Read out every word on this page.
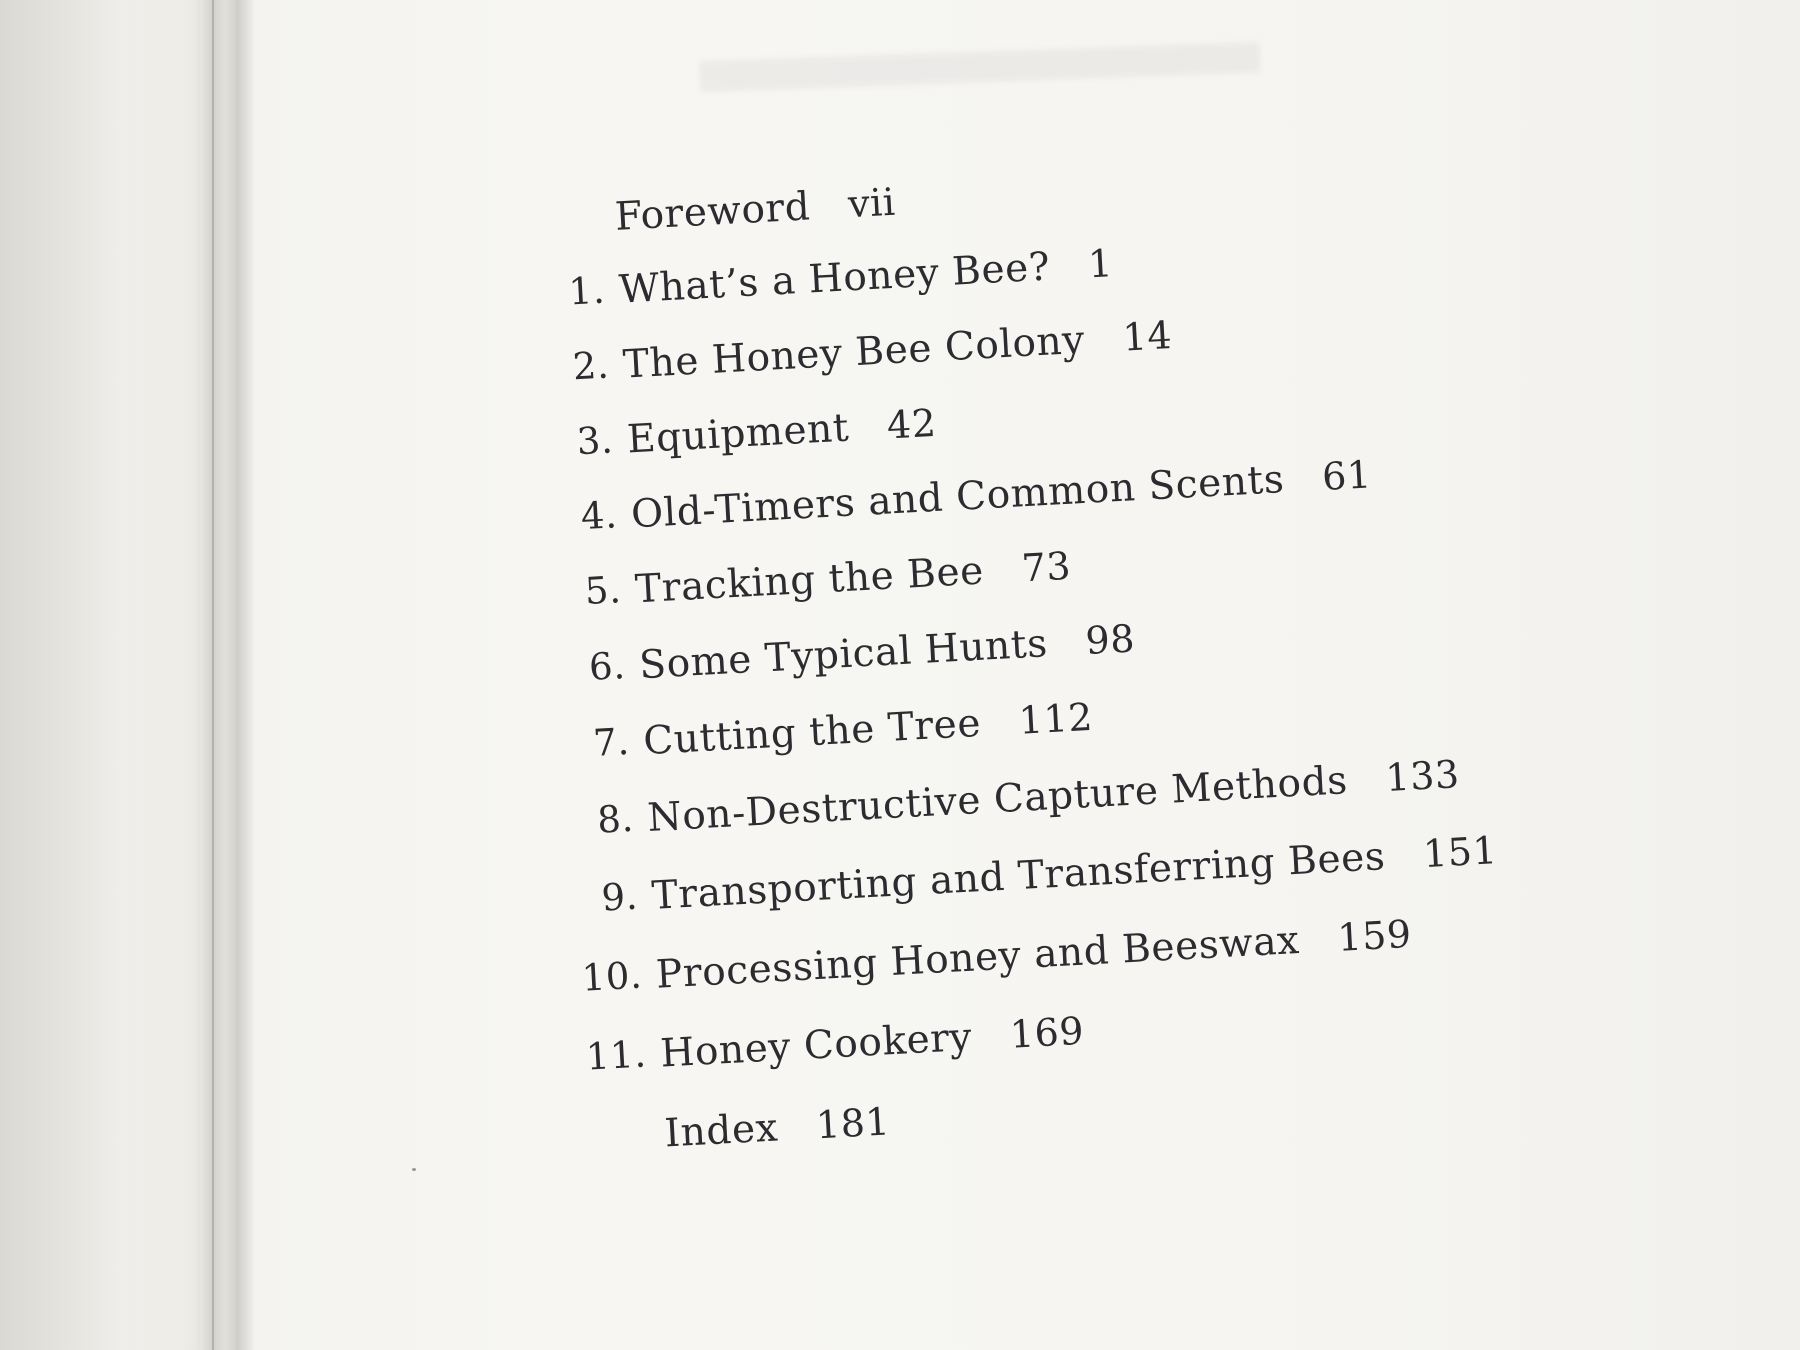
Foreword vii
1. What’s a Honey Bee? 1
2. The Honey Bee Colony 14
3. Equipment 42
4. Old-Timers and Common Scents 61
5. Tracking the Bee 73
6. Some Typical Hunts 98
7. Cutting the Tree 112
8. Non-Destructive Capture Methods 133
9. Transporting and Transferring Bees 151
10. Processing Honey and Beeswax 159
11. Honey Cookery 169
Index 181
